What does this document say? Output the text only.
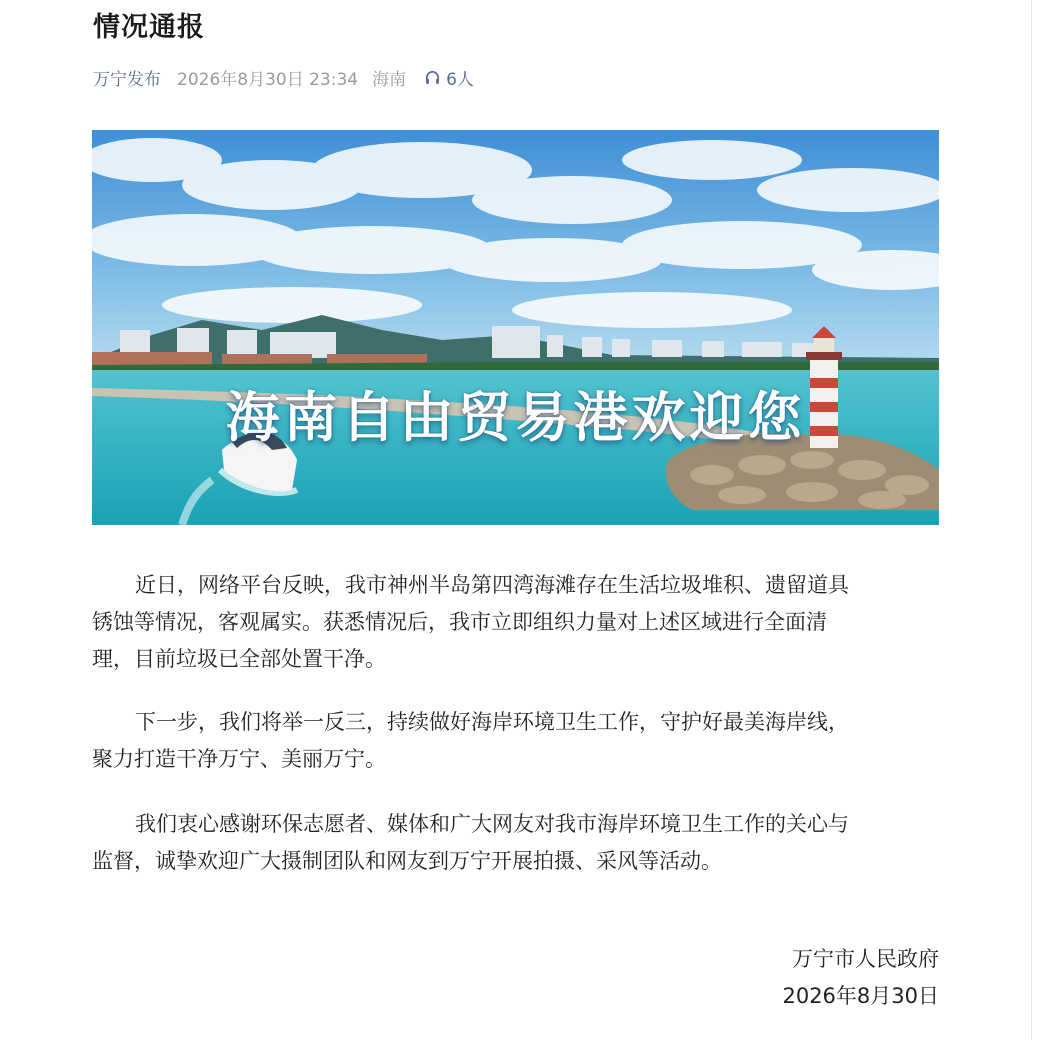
情况通报
万宁发布 2026年8月30日 23:34 海南 6人
海南自由贸易港欢迎您

近日，网络平台反映，我市神州半岛第四湾海滩存在生活垃圾堆积、遗留道具
锈蚀等情况，客观属实。获悉情况后，我市立即组织力量对上述区域进行全面清
理，目前垃圾已全部处置干净。

下一步，我们将举一反三，持续做好海岸环境卫生工作，守护好最美海岸线，
聚力打造干净万宁、美丽万宁。

我们衷心感谢环保志愿者、媒体和广大网友对我市海岸环境卫生工作的关心与
监督，诚挚欢迎广大摄制团队和网友到万宁开展拍摄、采风等活动。

万宁市人民政府
2026年8月30日
